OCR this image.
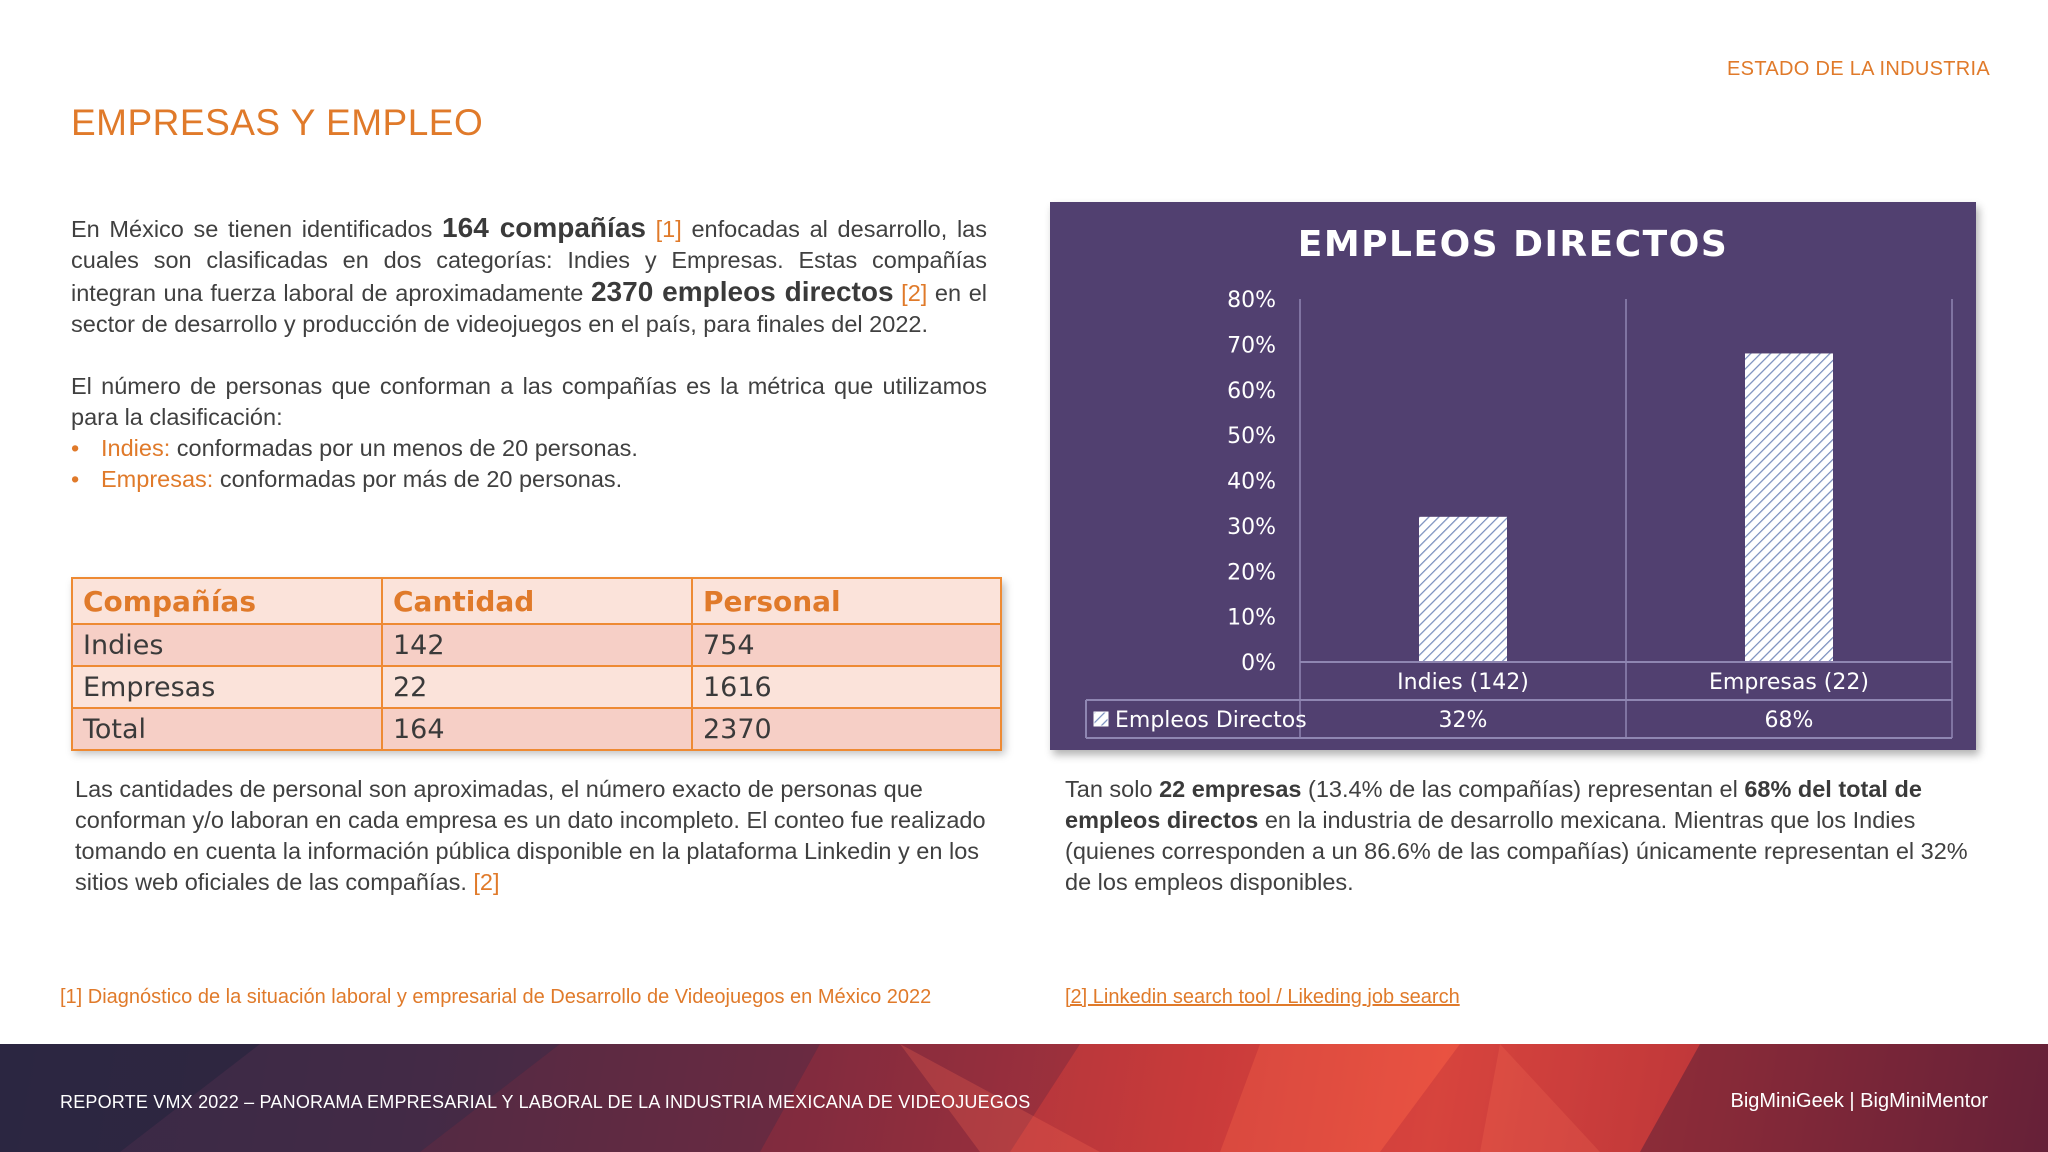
ESTADO DE LA INDUSTRIA
EMPRESAS Y EMPLEO

En México se tienen identificados 164 compañías [1] enfocadas al desarrollo, las cuales son clasificadas en dos categorías: Indies y Empresas. Estas compañías integran una fuerza laboral de aproximadamente 2370 empleos directos [2] en el sector de desarrollo y producción de videojuegos en el país, para finales del 2022.

El número de personas que conforman a las compañías es la métrica que utilizamos para la clasificación:

• Indies: conformadas por un menos de 20 personas.
• Empresas: conformadas por más de 20 personas.
Compañías	Cantidad	Personal
Indies	142	754
Empresas	22	1616
Total	164	2370
Las cantidades de personal son aproximadas, el número exacto de personas que conforman y/o laboran en cada empresa es un dato incompleto. El conteo fue realizado tomando en cuenta la información pública disponible en la plataforma Linkedin y en los sitios web oficiales de las compañías. [2]
Tan solo 22 empresas (13.4% de las compañías) representan el 68% del total de empleos directos en la industria de desarrollo mexicana. Mientras que los Indies (quienes corresponden a un 86.6% de las compañías) únicamente representan el 32% de los empleos disponibles.
EMPLEOS DIRECTOS
0%
10%
20%
30%
40%
50%
60%
70%
80%
Indies (142)
32%
Empresas (22)
68%
Empleos Directos
[1] Diagnóstico de la situación laboral y empresarial de Desarrollo de Videojuegos en México 2022	[2] Linkedin search tool / Likeding job search
REPORTE VMX 2022 – PANORAMA EMPRESARIAL Y LABORAL DE LA INDUSTRIA MEXICANA DE VIDEOJUEGOS	BigMiniGeek | BigMiniMentor
